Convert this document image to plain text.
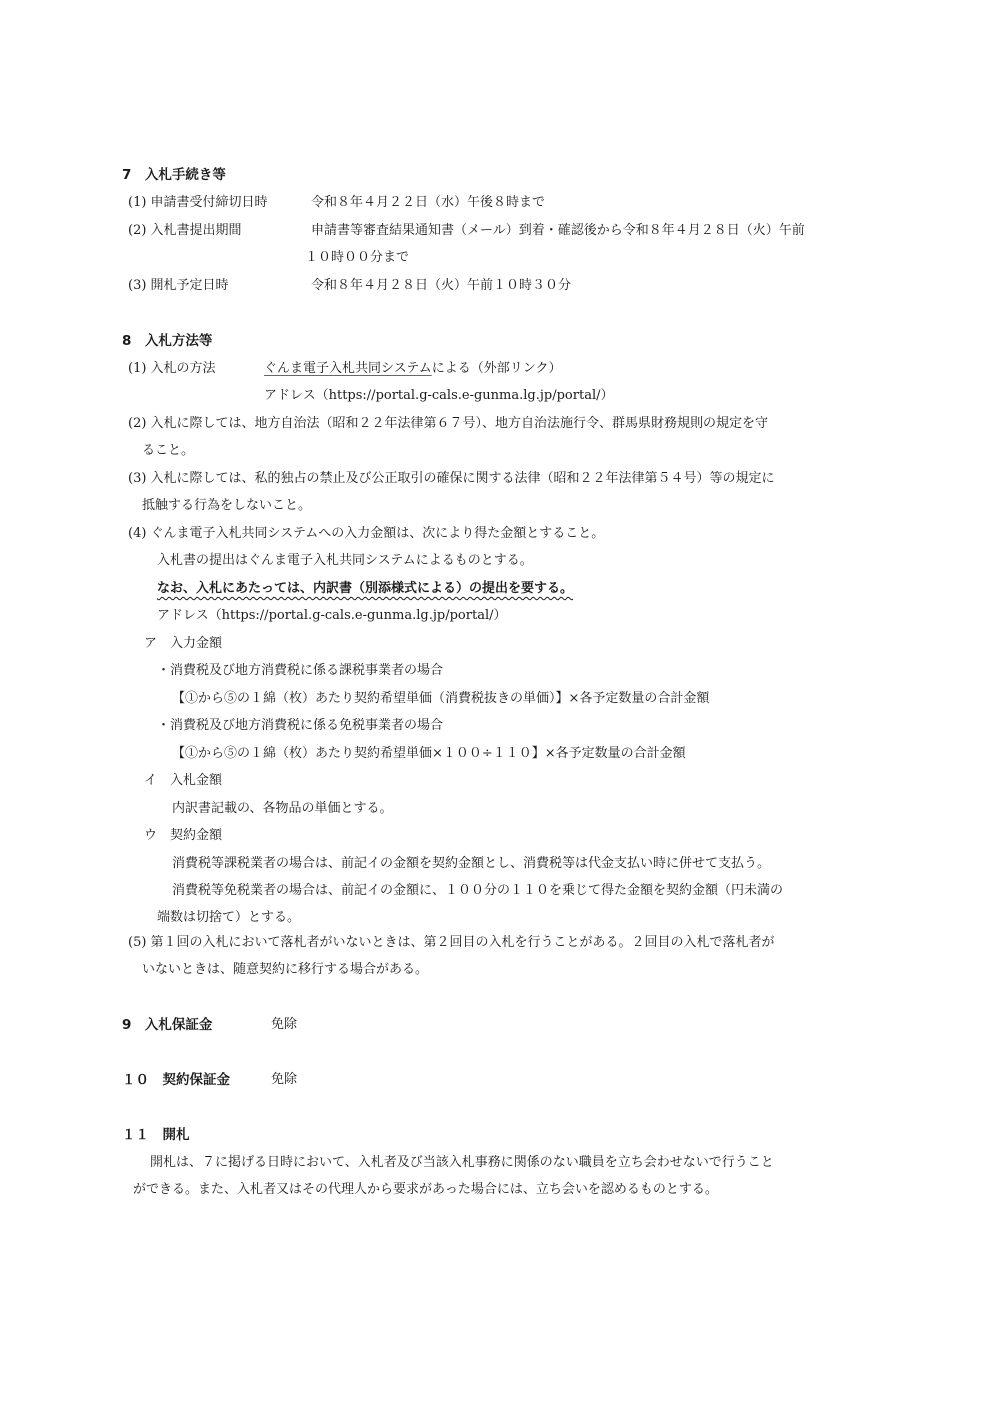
7　入札手続き等
(1) 申請書受付締切日時	令和８年４月２２日（水）午後８時まで
(2) 入札書提出期間	申請書等審査結果通知書（メール）到着・確認後から令和８年４月２８日（火）午前
１０時００分まで
(3) 開札予定日時	令和８年４月２８日（火）午前１０時３０分
8　入札方法等
(1) 入札の方法	ぐんま電子入札共同システムによる（外部リンク）
アドレス（https://portal.g-cals.e-gunma.lg.jp/portal/）
(2) 入札に際しては、地方自治法（昭和２２年法律第６７号）、地方自治法施行令、群馬県財務規則の規定を守
ること。
(3) 入札に際しては、私的独占の禁止及び公正取引の確保に関する法律（昭和２２年法律第５４号）等の規定に
抵触する行為をしないこと。
(4) ぐんま電子入札共同システムへの入力金額は、次により得た金額とすること。
入札書の提出はぐんま電子入札共同システムによるものとする。
なお、入札にあたっては、内訳書（別添様式による）の提出を要する。
アドレス（https://portal.g-cals.e-gunma.lg.jp/portal/）
ア　入力金額
・消費税及び地方消費税に係る課税事業者の場合
【①から⑤の１綿（枚）あたり契約希望単価（消費税抜きの単価）】×各予定数量の合計金額
・消費税及び地方消費税に係る免税事業者の場合
【①から⑤の１綿（枚）あたり契約希望単価×１００÷１１０】×各予定数量の合計金額
イ　入札金額
内訳書記載の、各物品の単価とする。
ウ　契約金額
消費税等課税業者の場合は、前記イの金額を契約金額とし、消費税等は代金支払い時に併せて支払う。
消費税等免税業者の場合は、前記イの金額に、１００分の１１０を乗じて得た金額を契約金額（円未満の
端数は切捨て）とする。
(5) 第１回の入札において落札者がいないときは、第２回目の入札を行うことがある。２回目の入札で落札者が
いないときは、随意契約に移行する場合がある。
9　入札保証金	免除
１０　契約保証金	免除
１１　開札
開札は、７に掲げる日時において、入札者及び当該入札事務に関係のない職員を立ち会わせないで行うこと
ができる。また、入札者又はその代理人から要求があった場合には、立ち会いを認めるものとする。
